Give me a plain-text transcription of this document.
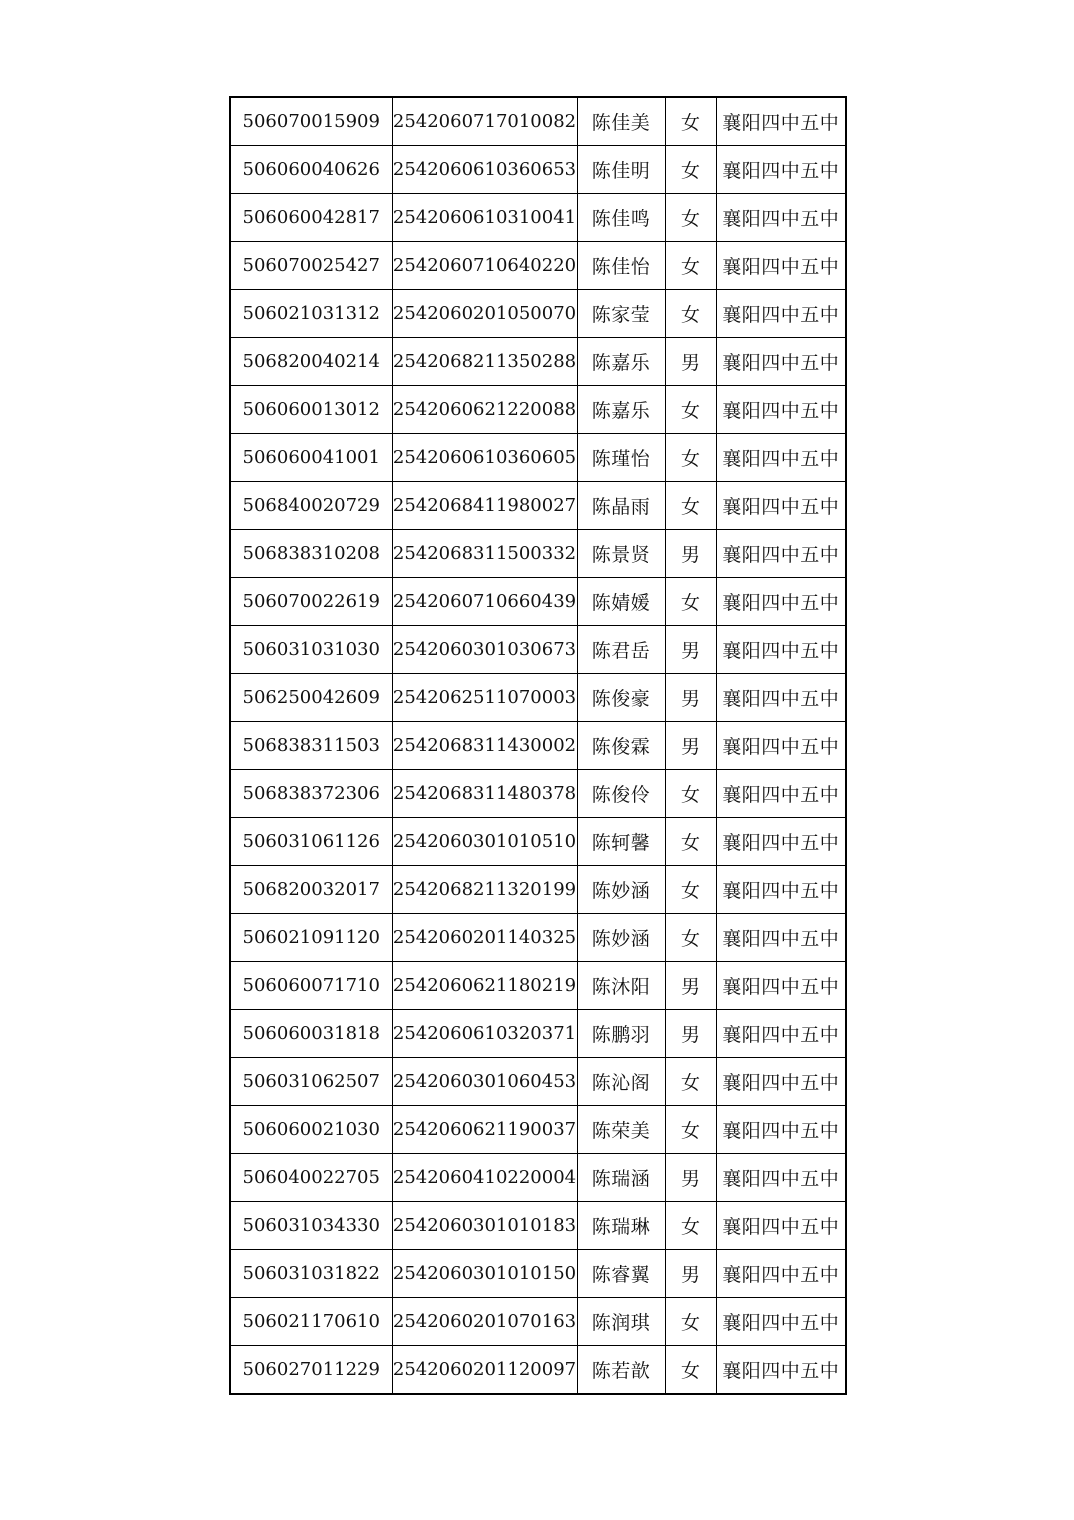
506070015909	2542060717010082	陈佳美	女	襄阳四中五中
506060040626	2542060610360653	陈佳明	女	襄阳四中五中
506060042817	2542060610310041	陈佳鸣	女	襄阳四中五中
506070025427	2542060710640220	陈佳怡	女	襄阳四中五中
506021031312	2542060201050070	陈家莹	女	襄阳四中五中
506820040214	2542068211350288	陈嘉乐	男	襄阳四中五中
506060013012	2542060621220088	陈嘉乐	女	襄阳四中五中
506060041001	2542060610360605	陈瑾怡	女	襄阳四中五中
506840020729	2542068411980027	陈晶雨	女	襄阳四中五中
506838310208	2542068311500332	陈景贤	男	襄阳四中五中
506070022619	2542060710660439	陈婧媛	女	襄阳四中五中
506031031030	2542060301030673	陈君岳	男	襄阳四中五中
506250042609	2542062511070003	陈俊豪	男	襄阳四中五中
506838311503	2542068311430002	陈俊霖	男	襄阳四中五中
506838372306	2542068311480378	陈俊伶	女	襄阳四中五中
506031061126	2542060301010510	陈轲馨	女	襄阳四中五中
506820032017	2542068211320199	陈妙涵	女	襄阳四中五中
506021091120	2542060201140325	陈妙涵	女	襄阳四中五中
506060071710	2542060621180219	陈沐阳	男	襄阳四中五中
506060031818	2542060610320371	陈鹏羽	男	襄阳四中五中
506031062507	2542060301060453	陈沁阁	女	襄阳四中五中
506060021030	2542060621190037	陈荣美	女	襄阳四中五中
506040022705	2542060410220004	陈瑞涵	男	襄阳四中五中
506031034330	2542060301010183	陈瑞琳	女	襄阳四中五中
506031031822	2542060301010150	陈睿翼	男	襄阳四中五中
506021170610	2542060201070163	陈润琪	女	襄阳四中五中
506027011229	2542060201120097	陈若歆	女	襄阳四中五中
